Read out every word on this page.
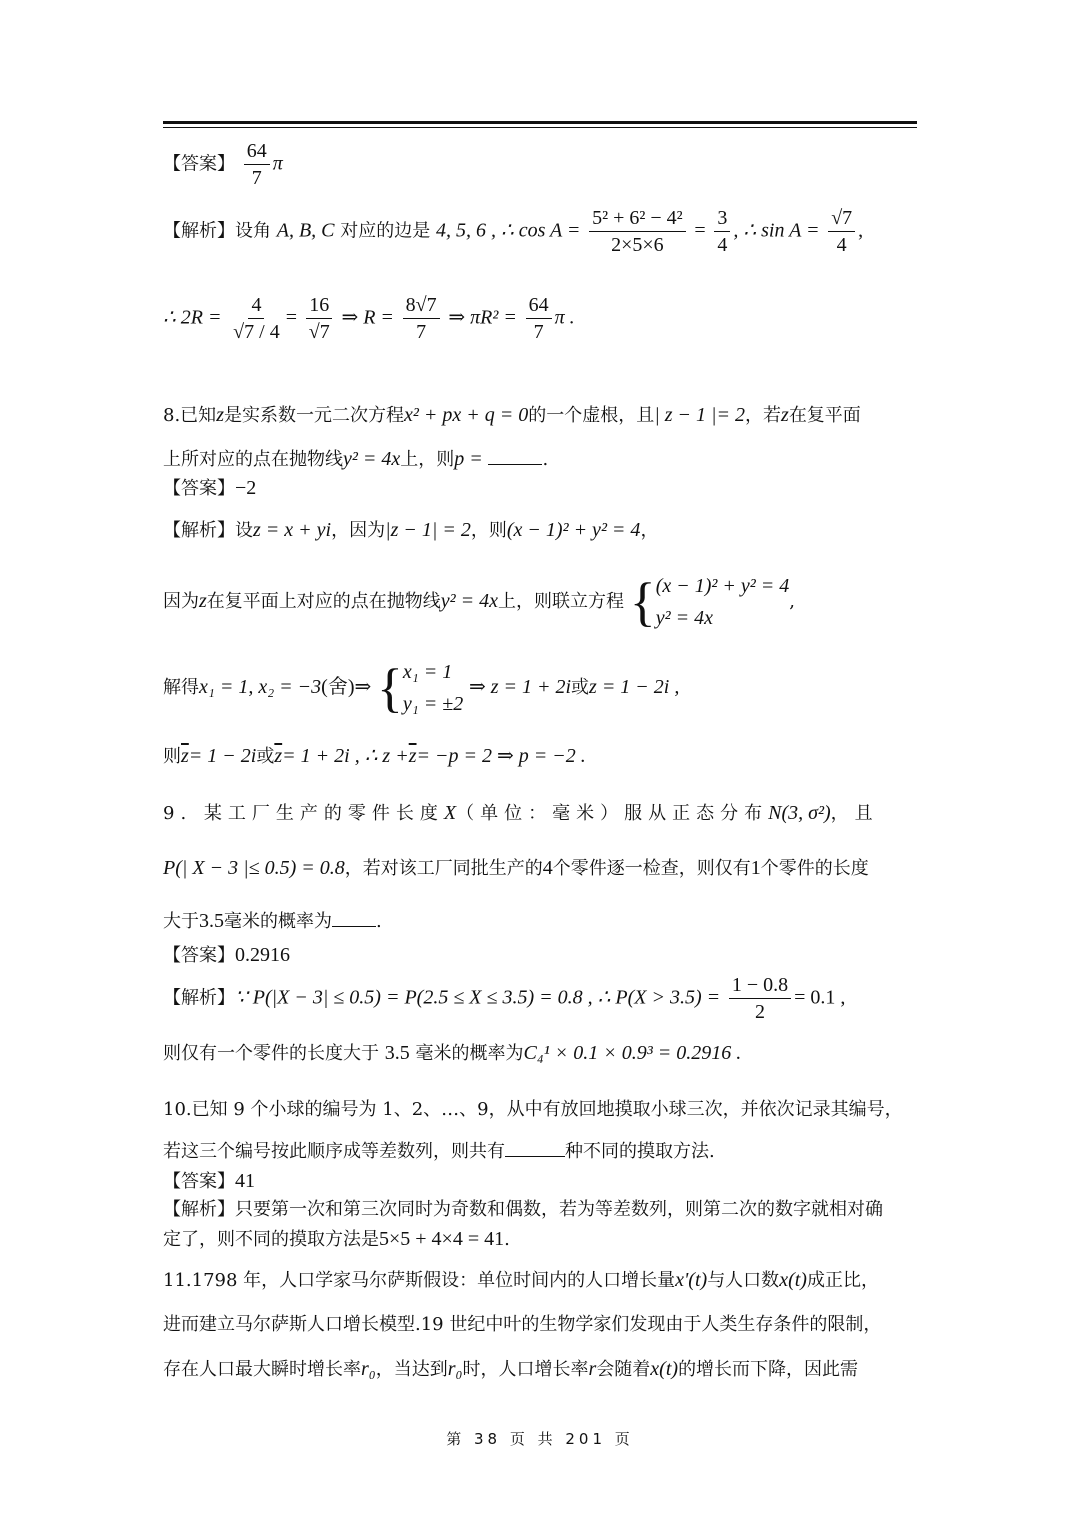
【答案】 $\frac{64}{7}$ π
【解析】设角 A, B, C 对应的边是 4, 5, 6 , ∴ $\cos A = \frac{\text{5² + 6² − 4²}}{2\times 5\times 6} = \frac{3}{4}$ , ∴ $\sin A = \frac{√7}{4}$ ,
∴ $2R = \frac{4}{√7 / 4} = \frac{16}{√7}$ ⇒ $R = \frac{8√7}{7}$ ⇒ $\pi R^2 = \frac{64}{7}$ π .
8.已知z是实系数一元二次方程x² + px + q = 0的一个虚根，且| z − 1 |= 2，若z在复平面
上所对应的点在抛物线y² = 4x上，则p =	.
【答案】−2
【解析】设z = x + yi，因为|z − 1| = 2，则(x − 1)² + y² = 4，
因为z在复平面上对应的点在抛物线y² = 4x上，则联立方程 { (x − 1)² + y² = 4
y² = 4x
,
解得x₁ = 1, x₂ = −3(舍)⇒ { x₁ = 1
y₁ = ±2
⇒ z = 1 + 2i或z = 1 − 2i ,
则$\overline{z}= 1 - 2i$或$\overline{z}= 1 + 2i$ , ∴ $z +\overline{z}= -p = 2$ ⇒ p = −2 .
9. 某工厂生产的零件长度X（单位：毫米）服从正态分布N(3, σ²)，且
P(| X − 3 |≤ 0.5) = 0.8，若对该工厂同批生产的4个零件逐一检查，则仅有1个零件的长度
大于3.5毫米的概率为 .
【答案】0.2916
【解析】∵ P(|X − 3| ≤ 0.5) = P(2.5 ≤ X ≤ 3.5) = 0.8 , ∴ $P(X > 3.5) = \frac{1 - 0.8}{2} = 0.1$ ,
则仅有一个零件的长度大于 3.5 毫米的概率为C₄¹ × 0.1 × 0.9³ = 0.2916 .
10.已知 9 个小球的编号为 1、2、…、9，从中有放回地摸取小球三次，并依次记录其编号，
若这三个编号按此顺序成等差数列，则共有	种不同的摸取方法.
【答案】41
【解析】只要第一次和第三次同时为奇数和偶数，若为等差数列，则第二次的数字就相对确
定了，则不同的摸取方法是5×5 + 4×4 = 41.
11.1798 年，人口学家马尔萨斯假设：单位时间内的人口增长量x'(t)与人口数x(t)成正比，
进而建立马尔萨斯人口增长模型.19 世纪中叶的生物学家们发现由于人类生存条件的限制，
存在人口最大瞬时增长率r₀，当达到r₀时，人口增长率r会随着x(t)的增长而下降，因此需
第 38 页 共 201 页
